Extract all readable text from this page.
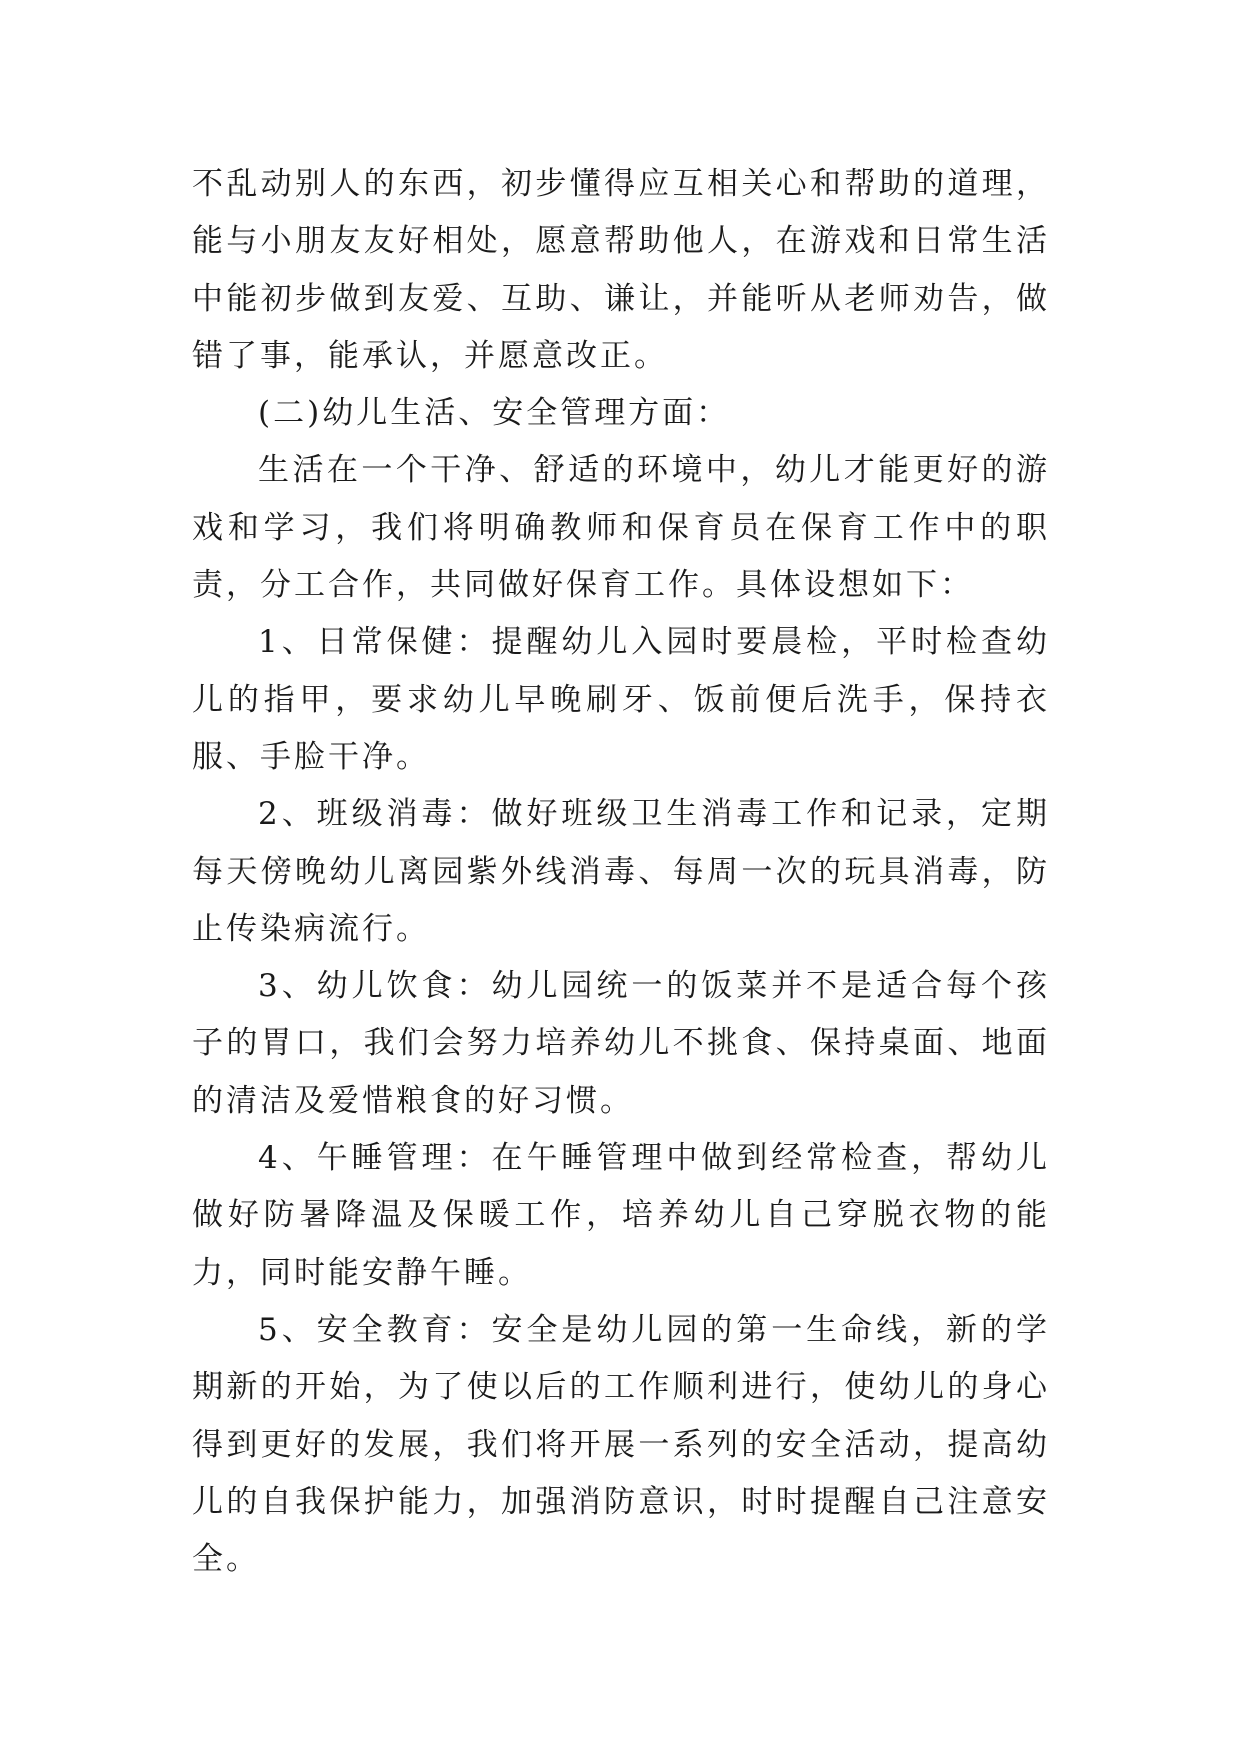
不乱动别人的东西，初步懂得应互相关心和帮助的道理，能与小朋友友好相处，愿意帮助他人，在游戏和日常生活中能初步做到友爱、互助、谦让，并能听从老师劝告，做错了事，能承认，并愿意改正。

(二)幼儿生活、安全管理方面：

生活在一个干净、舒适的环境中，幼儿才能更好的游戏和学习，我们将明确教师和保育员在保育工作中的职责，分工合作，共同做好保育工作。具体设想如下：

1、日常保健：提醒幼儿入园时要晨检，平时检查幼儿的指甲，要求幼儿早晚刷牙、饭前便后洗手，保持衣服、手脸干净。

2、班级消毒：做好班级卫生消毒工作和记录，定期每天傍晚幼儿离园紫外线消毒、每周一次的玩具消毒，防止传染病流行。

3、幼儿饮食：幼儿园统一的饭菜并不是适合每个孩子的胃口，我们会努力培养幼儿不挑食、保持桌面、地面的清洁及爱惜粮食的好习惯。

4、午睡管理：在午睡管理中做到经常检查，帮幼儿做好防暑降温及保暖工作，培养幼儿自己穿脱衣物的能力，同时能安静午睡。

5、安全教育：安全是幼儿园的第一生命线，新的学期新的开始，为了使以后的工作顺利进行，使幼儿的身心得到更好的发展，我们将开展一系列的安全活动，提高幼儿的自我保护能力，加强消防意识，时时提醒自己注意安全。
